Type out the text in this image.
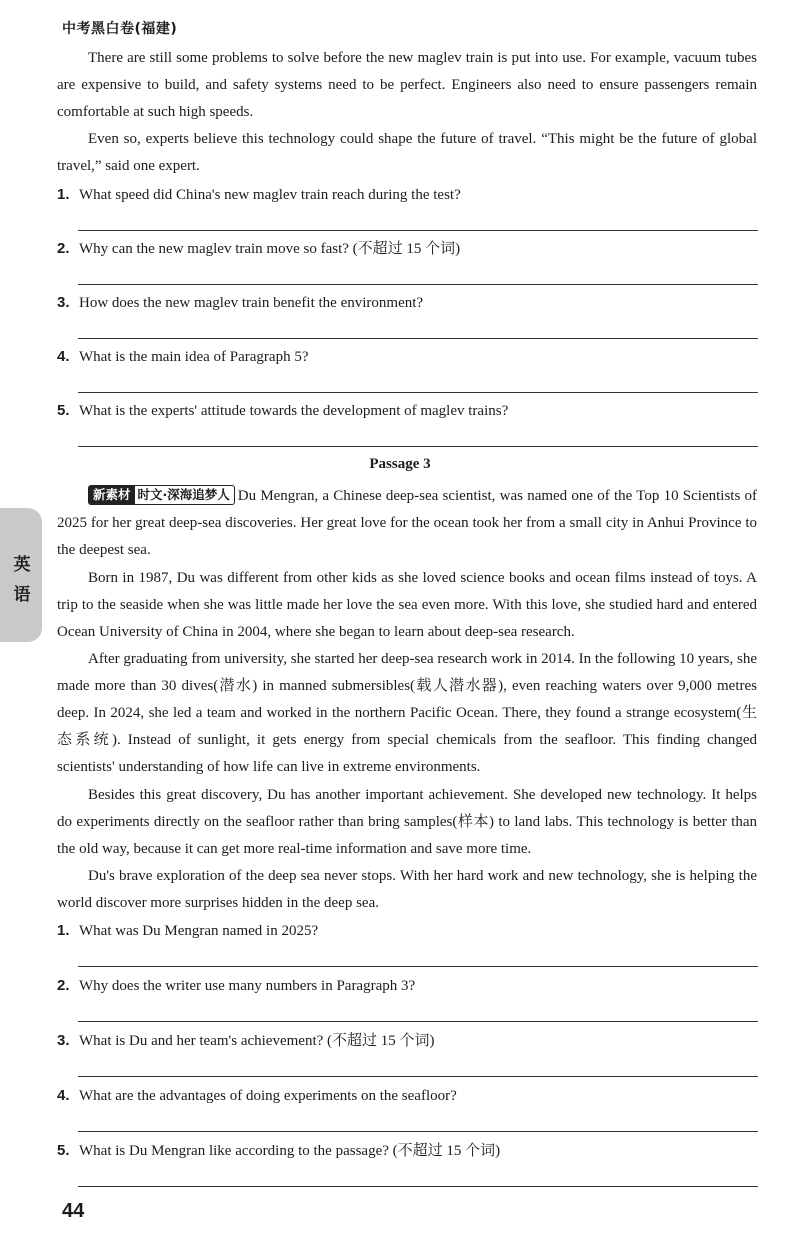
中考黑白卷(福建)
英
语

There are still some problems to solve before the new maglev train is put into use. For example, vacuum tubes are expensive to build, and safety systems need to be perfect. Engineers also need to ensure passengers remain comfortable at such high speeds.

Even so, experts believe this technology could shape the future of travel. “This might be the future of global travel,” said one expert.

1. What speed did China's new maglev train reach during the test?
2. Why can the new maglev train move so fast? (不超过 15 个词)
3. How does the new maglev train benefit the environment?
4. What is the main idea of Paragraph 5?
5. What is the experts' attitude towards the development of maglev trains?
Passage 3

新素材 时文·深海追梦人 Du Mengran, a Chinese deep-sea scientist, was named one of the Top 10 Scientists of 2025 for her great deep-sea discoveries. Her great love for the ocean took her from a small city in Anhui Province to the deepest sea.

Born in 1987, Du was different from other kids as she loved science books and ocean films instead of toys. A trip to the seaside when she was little made her love the sea even more. With this love, she studied hard and entered Ocean University of China in 2004, where she began to learn about deep-sea research.

After graduating from university, she started her deep-sea research work in 2014. In the following 10 years, she made more than 30 dives(潜水) in manned submersibles(载人潜水器), even reaching waters over 9,000 metres deep. In 2024, she led a team and worked in the northern Pacific Ocean. There, they found a strange ecosystem(生态系统). Instead of sunlight, it gets energy from special chemicals from the seafloor. This finding changed scientists' understanding of how life can live in extreme environments.

Besides this great discovery, Du has another important achievement. She developed new technology. It helps do experiments directly on the seafloor rather than bring samples(样本) to land labs. This technology is better than the old way, because it can get more real-time information and save more time.

Du's brave exploration of the deep sea never stops. With her hard work and new technology, she is helping the world discover more surprises hidden in the deep sea.

1. What was Du Mengran named in 2025?
2. Why does the writer use many numbers in Paragraph 3?
3. What is Du and her team's achievement? (不超过 15 个词)
4. What are the advantages of doing experiments on the seafloor?
5. What is Du Mengran like according to the passage? (不超过 15 个词)
44
